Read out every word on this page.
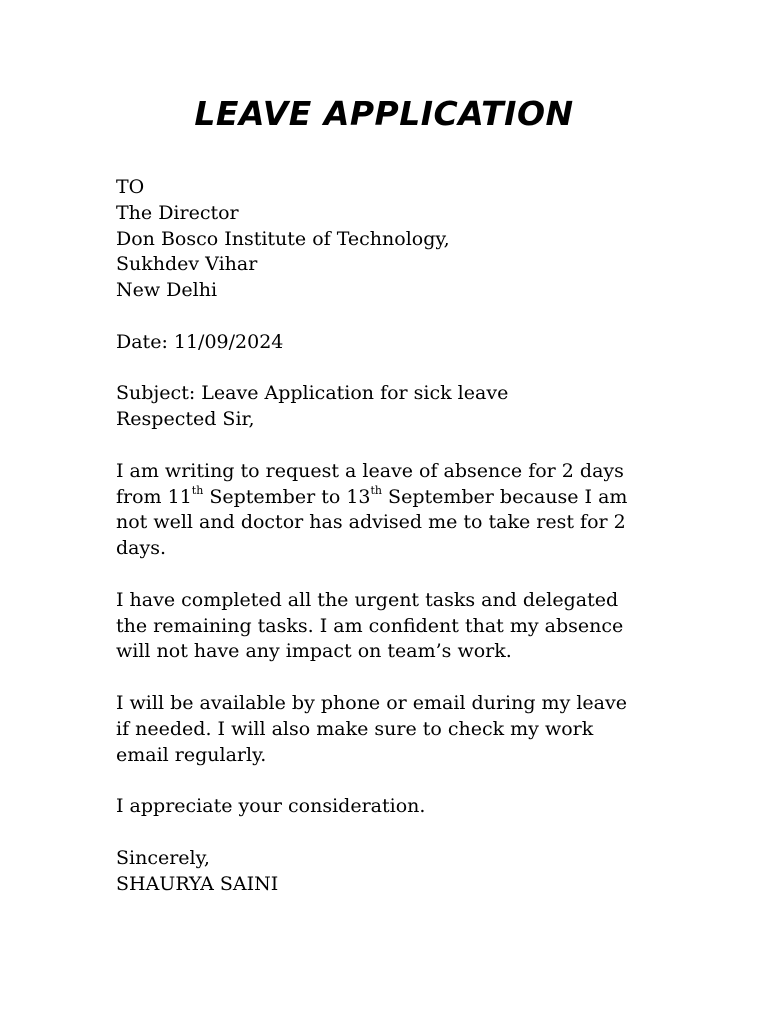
LEAVE APPLICATION
TO
The Director
Don Bosco Institute of Technology,
Sukhdev Vihar
New Delhi
Date: 11/09/2024
Subject: Leave Application for sick leave
Respected Sir,
I am writing to request a leave of absence for 2 days
from 11th September to 13th September because I am
not well and doctor has advised me to take rest for 2
days.
I have completed all the urgent tasks and delegated
the remaining tasks. I am confident that my absence
will not have any impact on team’s work.
I will be available by phone or email during my leave
if needed. I will also make sure to check my work
email regularly.
I appreciate your consideration.
Sincerely,
SHAURYA SAINI
